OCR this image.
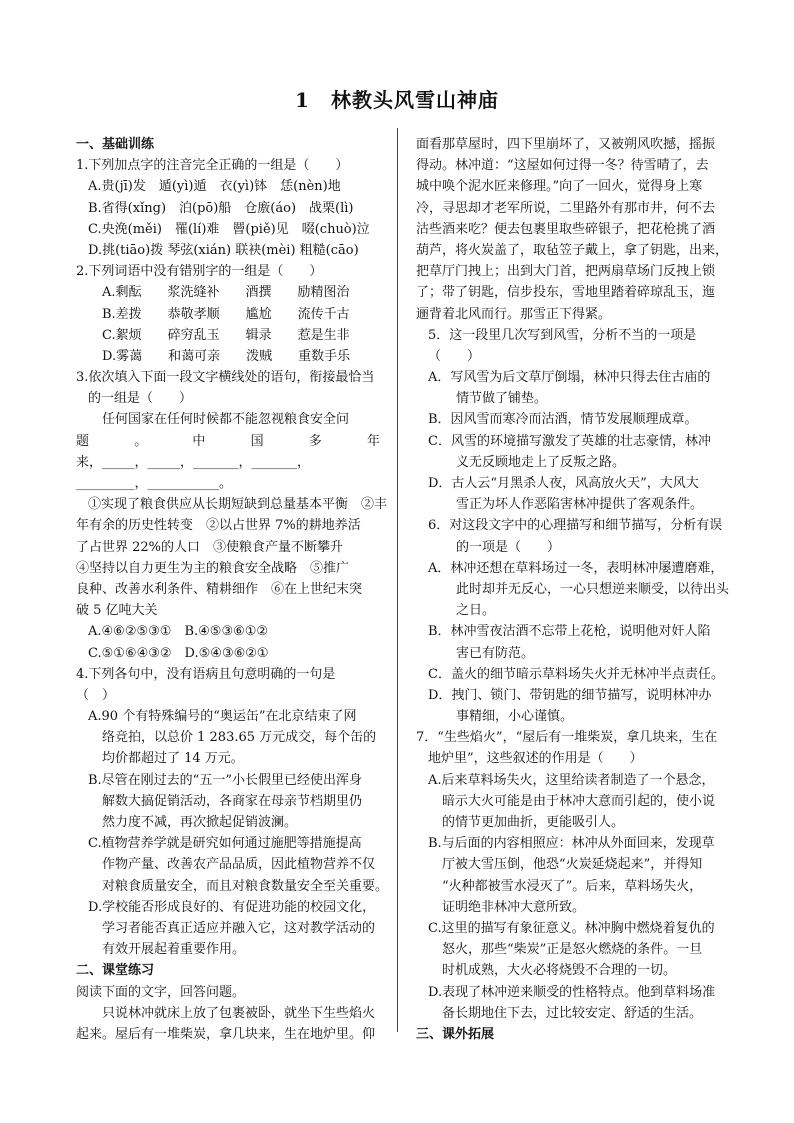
1　林教头风雪山神庙
一、基础训练
1.下列加点字的注音完全正确的一组是（　　）
A.贵(jī)发　遁(yì)遁　衣(yì)钵　恁(nèn)地
B.省得(xǐng)　泊(pō)船　仓廒(áo)　战栗(lì)
C.央浼(měi)　罹(lí)难　罾(piě)见　啜(chuò)泣
D.挑(tiāo)拨 琴弦(xián) 联袂(mèi) 粗糙(cāo)
2.下列词语中没有错别字的一组是（　　）
A.剩酝　　浆洗缝补　　酒撰　　励精图治
B.差拨　　恭敬孝顺　　尴尬　　流传千古
C.絮烦　　碎穷乱玉　　辑录　　惹是生非
D.雾蔼　　和蔼可亲　　泼贼　　重数手乐
3.依次填入下面一段文字横线处的语句，衔接最恰当
的一组是（　　）
　　任何国家在任何时候都不能忽视粮食安全问
题	。	中	国	多	年
来，_____，_____，_______，_______，
_________，___________。
①实现了粮食供应从长期短缺到总量基本平衡　②丰
年有余的历史性转变　②以占世界 7%的耕地养活
了占世界 22%的人口　③使粮食产量不断攀升
④坚持以自力更生为主的粮食安全战略　⑤推广
良种、改善水利条件、精耕细作　⑥在上世纪末突
破 5 亿吨大关
A.④⑥②⑤③①　B.④⑤③⑥①②
C.⑤①⑥④③②　D.⑤④③⑥②①
4.下列各句中，没有语病且句意明确的一句是
（　）
A.90 个有特殊编号的“奥运缶”在北京结束了网
络竞拍，以总价 1 283.65 万元成交，每个缶的
均价都超过了 14 万元。
B.尽管在刚过去的“五一”小长假里已经使出浑身
解数大搞促销活动，各商家在母亲节档期里仍
然力度不减，再次掀起促销波澜。
C.植物营养学就是研究如何通过施肥等措施提高
作物产量、改善农产品品质，因此植物营养不仅
对粮食质量安全，而且对粮食数量安全至关重要。
D.学校能否形成良好的、有促进功能的校园文化，
学习者能否真正适应并融入它，这对教学活动的
有效开展起着重要作用。
二、课堂练习
阅读下面的文字，回答问题。
只说林冲就床上放了包裹被卧，就坐下生些焰火
起来。屋后有一堆柴炭，拿几块来，生在地炉里。仰
面看那草屋时，四下里崩坏了，又被朔风吹撼，摇振
得动。林冲道：“这屋如何过得一冬？待雪晴了，去
城中唤个泥水匠来修理。”向了一回火，觉得身上寒
冷，寻思却才老军所说，二里路外有那市井，何不去
沽些酒来吃？便去包裹里取些碎银子，把花枪挑了酒
葫芦，将火炭盖了，取毡笠子戴上，拿了钥匙，出来，
把草厅门拽上；出到大门首，把两扇草场门反拽上锁
了；带了钥匙，信步投东，雪地里踏着碎琼乱玉，迤
逦背着北风而行。那雪正下得紧。
5．这一段里几次写到风雪，分析不当的一项是
（　　）
A．写风雪为后文草厅倒塌，林冲只得去住古庙的
情节做了铺垫。
B．因风雪而寒冷而沽酒，情节发展顺理成章。
C．风雪的环境描写激发了英雄的壮志豪情，林冲
义无反顾地走上了反叛之路。
D．古人云“月黑杀人夜，风高放火天”，大风大
雪正为坏人作恶陷害林冲提供了客观条件。
6．对这段文字中的心理描写和细节描写，分析有误
的一项是（　　）
A．林冲还想在草料场过一冬，表明林冲屡遭磨难，
此时却并无反心，一心只想逆来顺受，以待出头
之日。
B．林冲雪夜沽酒不忘带上花枪，说明他对奸人陷
害已有防范。
C．盖火的细节暗示草料场失火并无林冲半点责任。
D．拽门、锁门、带钥匙的细节描写，说明林冲办
事精细，小心谨慎。
7．“生些焰火”，“屋后有一堆柴炭，拿几块来，生在
地炉里”，这些叙述的作用是（　　）
A.后来草料场失火，这里给读者制造了一个悬念，
暗示大火可能是由于林冲大意而引起的，使小说
的情节更加曲折，更能吸引人。
B.与后面的内容相照应：林冲从外面回来，发现草
厅被大雪压倒，他恐“火炭延烧起来”，并得知
“火种都被雪水浸灭了”。后来，草料场失火，
证明绝非林冲大意所致。
C.这里的描写有象征意义。林冲胸中燃烧着复仇的
怒火，那些“柴炭”正是怒火燃烧的条件。一旦
时机成熟，大火必将烧毁不合理的一切。
D.表现了林冲逆来顺受的性格特点。他到草料场准
备长期地住下去，过比较安定、舒适的生活。
三、课外拓展
